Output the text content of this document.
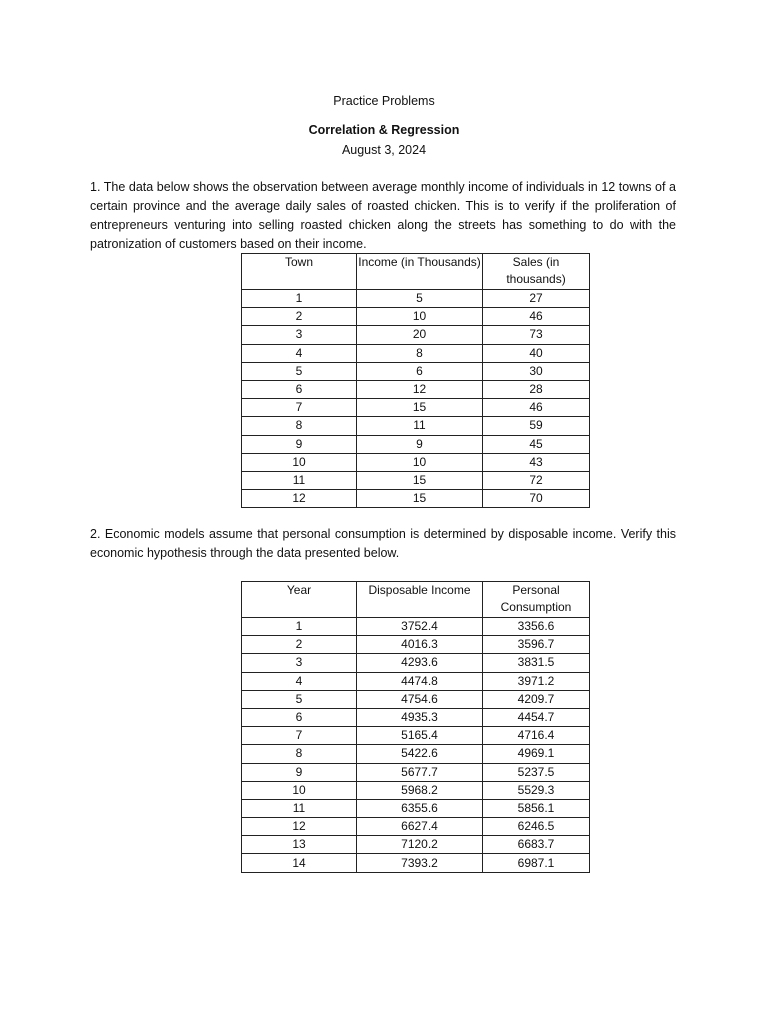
Practice Problems
Correlation & Regression
August 3, 2024
1. The data below shows the observation between average monthly income of individuals in 12 towns of a certain province and the average daily sales of roasted chicken. This is to verify if the proliferation of entrepreneurs venturing into selling roasted chicken along the streets has something to do with the patronization of customers based on their income.
Town	Income (in Thousands)	Sales (in thousands)
1	5	27
2	10	46
3	20	73
4	8	40
5	6	30
6	12	28
7	15	46
8	11	59
9	9	45
10	10	43
11	15	72
12	15	70
2. Economic models assume that personal consumption is determined by disposable income. Verify this economic hypothesis through the data presented below.
Year	Disposable Income	Personal Consumption
1	3752.4	3356.6
2	4016.3	3596.7
3	4293.6	3831.5
4	4474.8	3971.2
5	4754.6	4209.7
6	4935.3	4454.7
7	5165.4	4716.4
8	5422.6	4969.1
9	5677.7	5237.5
10	5968.2	5529.3
11	6355.6	5856.1
12	6627.4	6246.5
13	7120.2	6683.7
14	7393.2	6987.1
